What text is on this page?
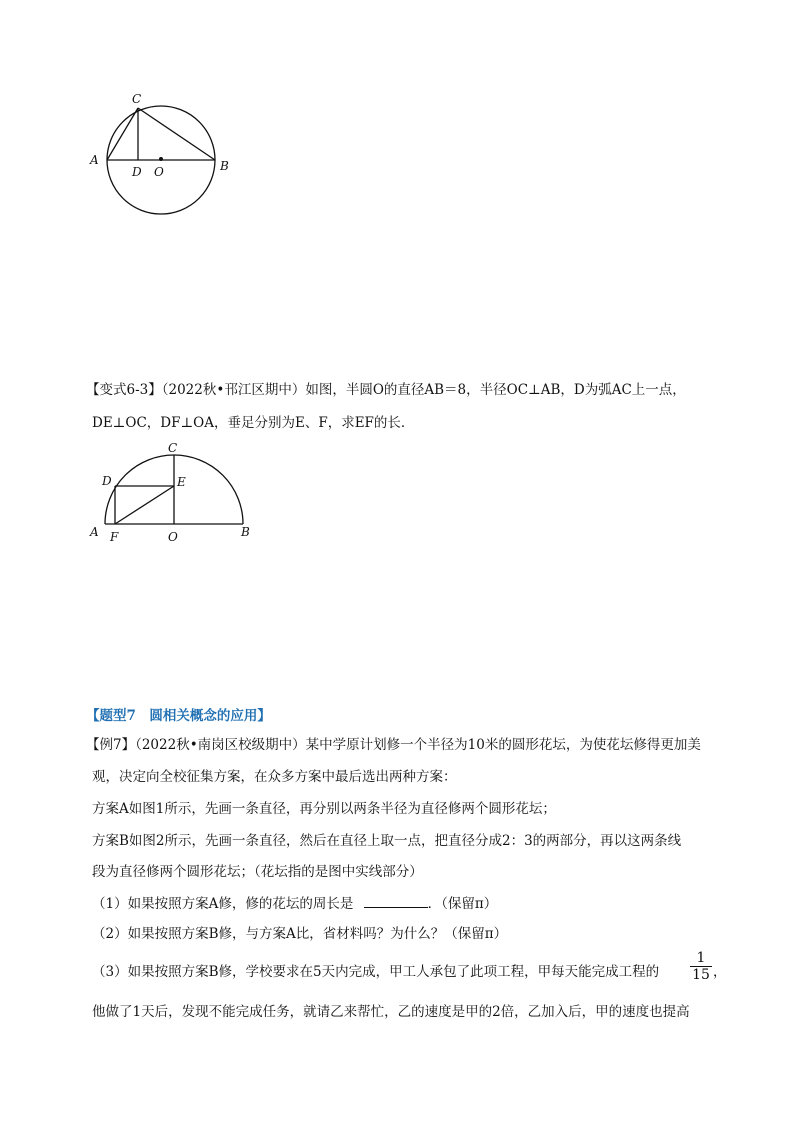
C
A	B
D O
【变式6-3】（2022秋•邗江区期中）如图，半圆O的直径AB＝8，半径OC⊥AB，D为弧AC上一点，
DE⊥OC，DF⊥OA，垂足分别为E、F，求EF的长．
C
D	E
A F	O	B
【题型7　圆相关概念的应用】
【例7】（2022秋•南岗区校级期中）某中学原计划修一个半径为10米的圆形花坛，为使花坛修得更加美
观，决定向全校征集方案，在众多方案中最后选出两种方案：
方案A如图1所示，先画一条直径，再分别以两条半径为直径修两个圆形花坛；
方案B如图2所示，先画一条直径，然后在直径上取一点，把直径分成2：3的两部分，再以这两条线
段为直径修两个圆形花坛；（花坛指的是图中实线部分）
（1）如果按照方案A修，修的花坛的周长是	．（保留π）
（2）如果按照方案B修，与方案A比，省材料吗？为什么？（保留π）
（3）如果按照方案B修，学校要求在5天内完成，甲工人承包了此项工程，甲每天能完成工程的 $\frac{1}{15}$ ，
他做了1天后，发现不能完成任务，就请乙来帮忙，乙的速度是甲的2倍，乙加入后，甲的速度也提高
